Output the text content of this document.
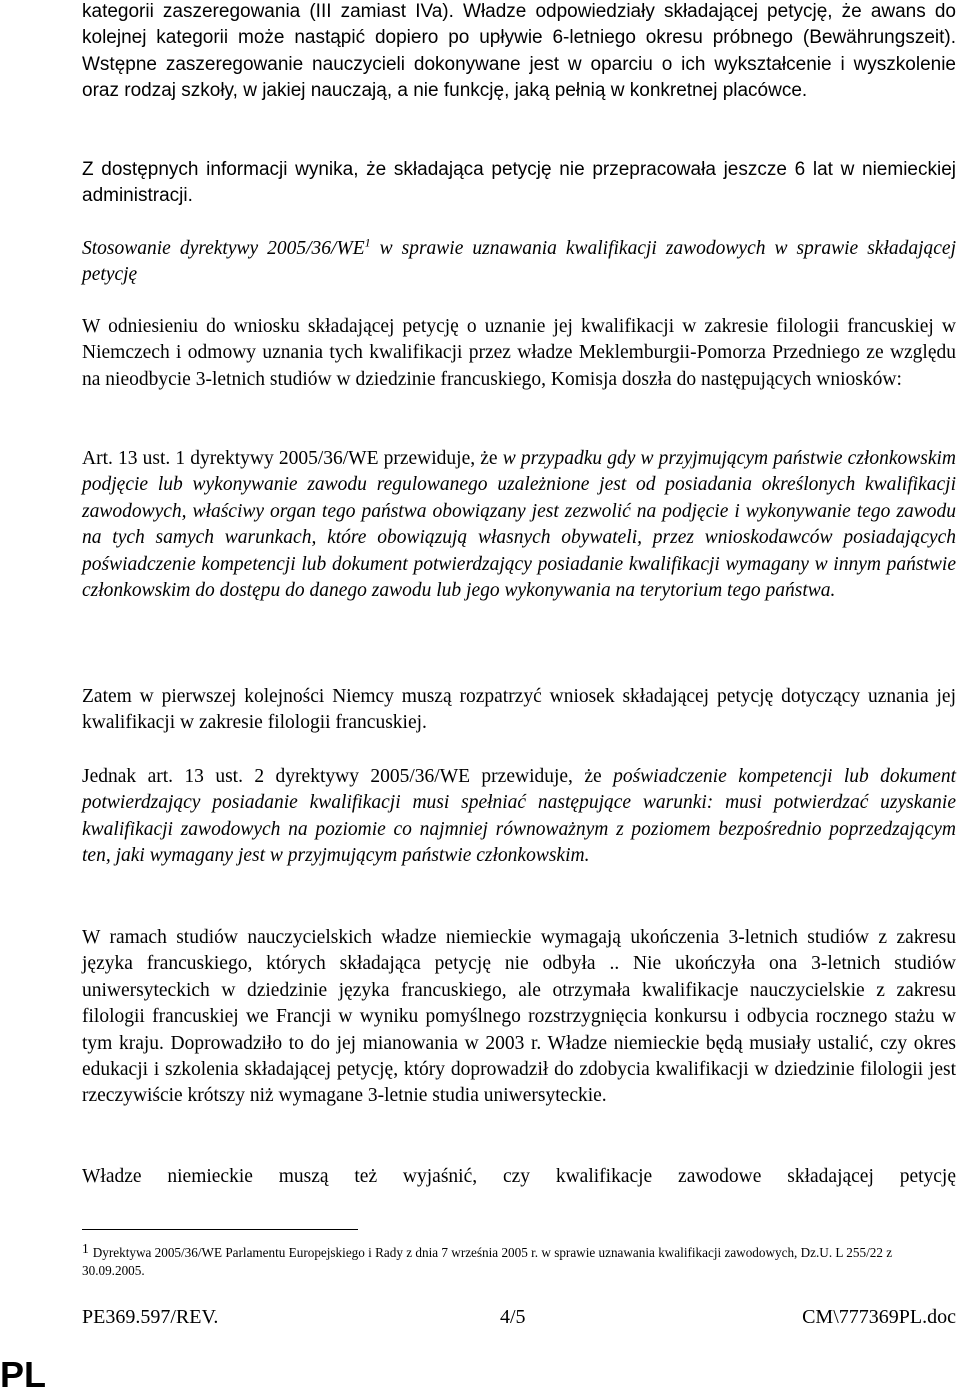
kategorii zaszeregowania (III zamiast IVa). Władze odpowiedziały składającej petycję, że awans do kolejnej kategorii może nastąpić dopiero po upływie 6-letniego okresu próbnego (Bewährungszeit). Wstępne zaszeregowanie nauczycieli dokonywane jest w oparciu o ich wykształcenie i wyszkolenie oraz rodzaj szkoły, w jakiej nauczają, a nie funkcję, jaką pełnią w konkretnej placówce.

Z dostępnych informacji wynika, że składająca petycję nie przepracowała jeszcze 6 lat w niemieckiej administracji.

Stosowanie dyrektywy $2005/36/WE^1$ w sprawie uznawania kwalifikacji zawodowych w sprawie składającej petycję

W odniesieniu do wniosku składającej petycję o uznanie jej kwalifikacji w zakresie filologii francuskiej w Niemczech i odmowy uznania tych kwalifikacji przez władze Meklemburgii-Pomorza Przedniego ze względu na nieodbycie 3-letnich studiów w dziedzinie francuskiego, Komisja doszła do następujących wniosków:

Art. 13 ust. 1 dyrektywy 2005/36/WE przewiduje, że w przypadku gdy w przyjmującym państwie członkowskim podjęcie lub wykonywanie zawodu regulowanego uzależnione jest od posiadania określonych kwalifikacji zawodowych, właściwy organ tego państwa obowiązany jest zezwolić na podjęcie i wykonywanie tego zawodu na tych samych warunkach, które obowiązują własnych obywateli, przez wnioskodawców posiadających poświadczenie kompetencji lub dokument potwierdzający posiadanie kwalifikacji wymagany w innym państwie członkowskim do dostępu do danego zawodu lub jego wykonywania na terytorium tego państwa.

Zatem w pierwszej kolejności Niemcy muszą rozpatrzyć wniosek składającej petycję dotyczący uznania jej kwalifikacji w zakresie filologii francuskiej.

Jednak art. 13 ust. 2 dyrektywy 2005/36/WE przewiduje, że poświadczenie kompetencji lub dokument potwierdzający posiadanie kwalifikacji musi spełniać następujące warunki: musi potwierdzać uzyskanie kwalifikacji zawodowych na poziomie co najmniej równoważnym z poziomem bezpośrednio poprzedzającym ten, jaki wymagany jest w przyjmującym państwie członkowskim.

W ramach studiów nauczycielskich władze niemieckie wymagają ukończenia 3-letnich studiów z zakresu języka francuskiego, których składająca petycję nie odbyła .. Nie ukończyła ona 3-letnich studiów uniwersyteckich w dziedzinie języka francuskiego, ale otrzymała kwalifikacje nauczycielskie z zakresu filologii francuskiej we Francji w wyniku pomyślnego rozstrzygnięcia konkursu i odbycia rocznego stażu w tym kraju. Doprowadziło to do jej mianowania w 2003 r. Władze niemieckie będą musiały ustalić, czy okres edukacji i szkolenia składającej petycję, który doprowadził do zdobycia kwalifikacji w dziedzinie filologii jest rzeczywiście krótszy niż wymagane 3-letnie studia uniwersyteckie.

Władze niemieckie muszą też wyjaśnić, czy kwalifikacje zawodowe składającej petycję

1 Dyrektywa 2005/36/WE Parlamentu Europejskiego i Rady z dnia 7 września 2005 r. w sprawie uznawania kwalifikacji zawodowych, Dz.U. L 255/22 z 30.09.2005.
PE369.597/REV.	4/5	CM\777369PL.doc
PL
